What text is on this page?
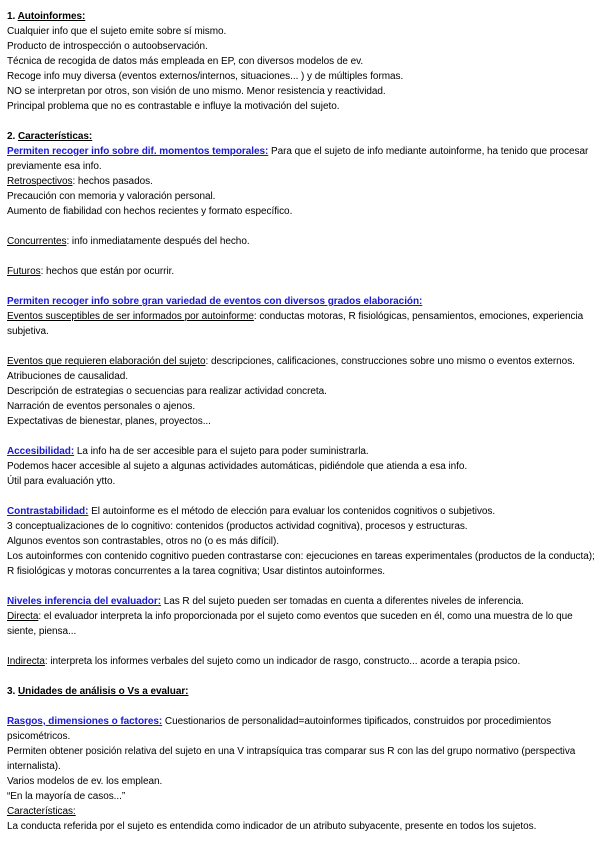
1. Autoinformes:
Cualquier info que el sujeto emite sobre sí mismo.
Producto de introspección o autoobservación.
Técnica de recogida de datos más empleada en EP, con diversos modelos de ev.
Recoge info muy diversa (eventos externos/internos, situaciones... ) y de múltiples formas.
NO se interpretan por otros, son visión de uno mismo. Menor resistencia y reactividad.
Principal problema que no es contrastable e influye la motivación del sujeto.
2. Características:
Permiten recoger info sobre dif. momentos temporales: Para que el sujeto de info mediante autoinforme, ha tenido que procesar previamente esa info.
Retrospectivos: hechos pasados.
Precaución con memoria y valoración personal.
Aumento de fiabilidad con hechos recientes y formato específico.
Concurrentes: info inmediatamente después del hecho.
Futuros: hechos que están por ocurrir.
Permiten recoger info sobre gran variedad de eventos con diversos grados elaboración:
Eventos susceptibles de ser informados por autoinforme: conductas motoras, R fisiológicas, pensamientos, emociones, experiencia subjetiva.
Eventos que requieren elaboración del sujeto: descripciones, calificaciones, construcciones sobre uno mismo o eventos externos.
Atribuciones de causalidad.
Descripción de estrategias o secuencias para realizar actividad concreta.
Narración de eventos personales o ajenos.
Expectativas de bienestar, planes, proyectos...
Accesibilidad: La info ha de ser accesible para el sujeto para poder suministrarla.
Podemos hacer accesible al sujeto a algunas actividades automáticas, pidiéndole que atienda a esa info.
Útil para evaluación ytto.
Contrastabilidad: El autoinforme es el método de elección para evaluar los contenidos cognitivos o subjetivos.
3 conceptualizaciones de lo cognitivo: contenidos (productos actividad cognitiva), procesos y estructuras.
Algunos eventos son contrastables, otros no (o es más difícil).
Los autoinformes con contenido cognitivo pueden contrastarse con: ejecuciones en tareas experimentales (productos de la conducta); R fisiológicas y motoras concurrentes a la tarea cognitiva; Usar distintos autoinformes.
Niveles inferencia del evaluador: Las R del sujeto pueden ser tomadas en cuenta a diferentes niveles de inferencia.
Directa: el evaluador interpreta la info proporcionada por el sujeto como eventos que suceden en él, como una muestra de lo que siente, piensa...
Indirecta: interpreta los informes verbales del sujeto como un indicador de rasgo, constructo... acorde a terapia psico.
3. Unidades de análisis o Vs a evaluar:
Rasgos, dimensiones o factores: Cuestionarios de personalidad=autoinformes tipificados, construidos por procedimientos psicométricos.
Permiten obtener posición relativa del sujeto en una V intrapsíquica tras comparar sus R con las del grupo normativo (perspectiva internalista).
Varios modelos de ev. los emplean.
“En la mayoría de casos...”
Características:
La conducta referida por el sujeto es entendida como indicador de un atributo subyacente, presente en todos los sujetos.
